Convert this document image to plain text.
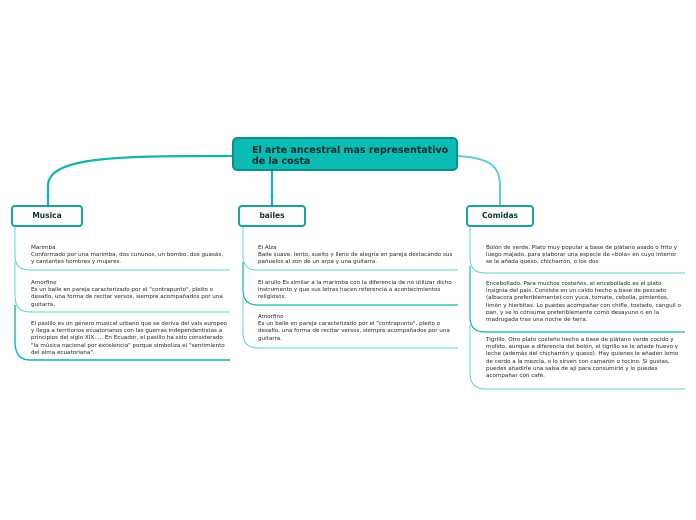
El arte ancestral mas representativo de la costa
Musica	bailes	Comidas
Marimba
Conformado por una marimba, dos cununos, un bombo, dos guasás, y cantantes hombres y mujeres.
Amorfino
Es un baile en pareja caracterizado por el "contrapunto", pleito o desafío, una forma de recitar versos, siempre acompañados por una guitarra.
El pasillo es un género musical urbano que se deriva del vals europeo y llega a territorios ecuatorianos con las guerras independentistas a principios del siglo XIX. ... En Ecuador, el pasillo ha sido considerado "la música nacional por excelencia" porque simboliza el "sentimiento del alma ecuatoriana".
El Alza
Baile suave, lento, suelto y lleno de alegría en pareja destacando sus pañuelos al zon de un arpa y una guitarra.
El arullo Es similar a la marimba con la diferencia de no utilizar dicho instrumento y que sus letras hacen referencia a acontecimientos religiosos.
Amorfino
Es un baile en pareja caracterizado por el "contrapunto", pleito o desafío, una forma de recitar versos, siempre acompañados por una guitarra.
Bolón de verde. Plato muy popular a base de plátano asado o frito y luego majado, para elaborar una especie de «bola» en cuyo interior se le añada queso, chicharrón, o los dos
Encebollado. Para muchos costeños, el encebollado es el plato insignia del país. Consiste en un caldo hecho a base de pescado (albacora preferiblemente) con yuca, tomate, cebolla, pimientos, limón y hierbitas. Lo puedes acompañar con chifle, tostado, canguil o pan, y se lo consume preferiblemente como desayuno o en la madrugada tras una noche de farra.
Tigrillo. Otro plato costeño hecho a base de plátano verde cocido y molido, aunque a diferencia del bolón, el tigrillo se le añade huevo y leche (además del chicharrón y queso). Hay quienes le añaden lomo de cerdo a la mezcla, o lo sirven con camarón o tocino. Si gustas, puedes añadirle una salsa de ají para consumirlo y lo puedes acompañar con café.
